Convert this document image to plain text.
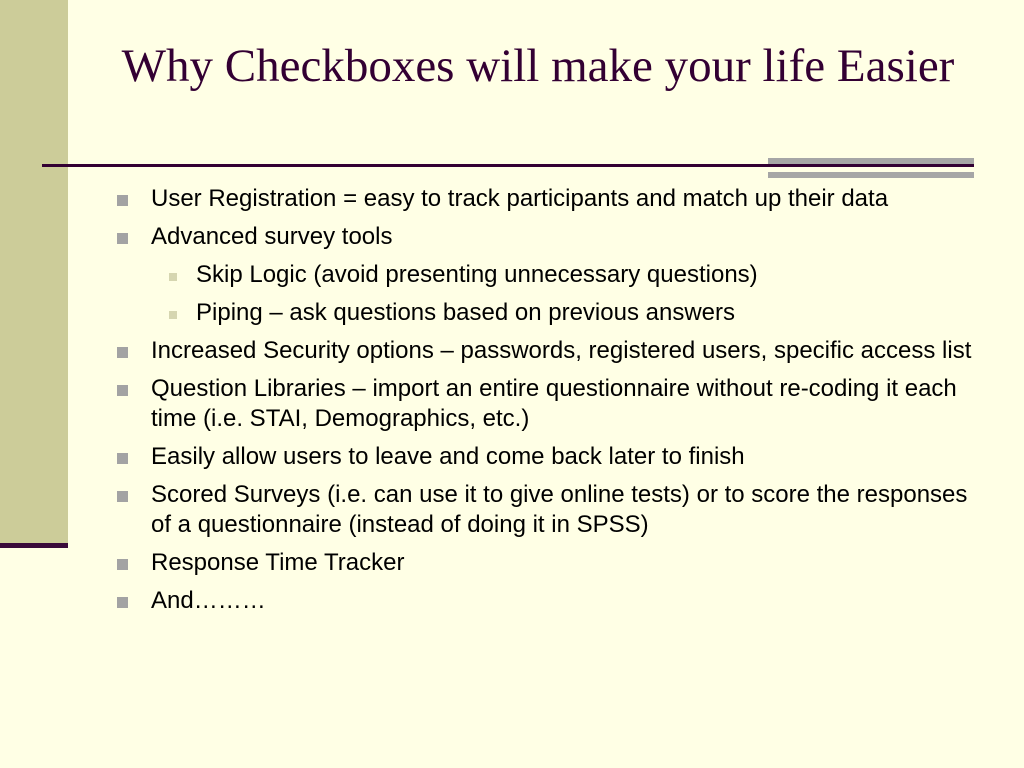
Why Checkboxes will make your life Easier
User Registration = easy to track participants and match up their data
Advanced survey tools
Skip Logic (avoid presenting unnecessary questions)
Piping – ask questions based on previous answers
Increased Security options – passwords, registered users, specific access list
Question Libraries – import an entire questionnaire without re-coding it each time (i.e. STAI, Demographics, etc.)
Easily allow users to leave and come back later to finish
Scored Surveys (i.e. can use it to give online tests) or to score the responses of a questionnaire (instead of doing it in SPSS)
Response Time Tracker
And………
